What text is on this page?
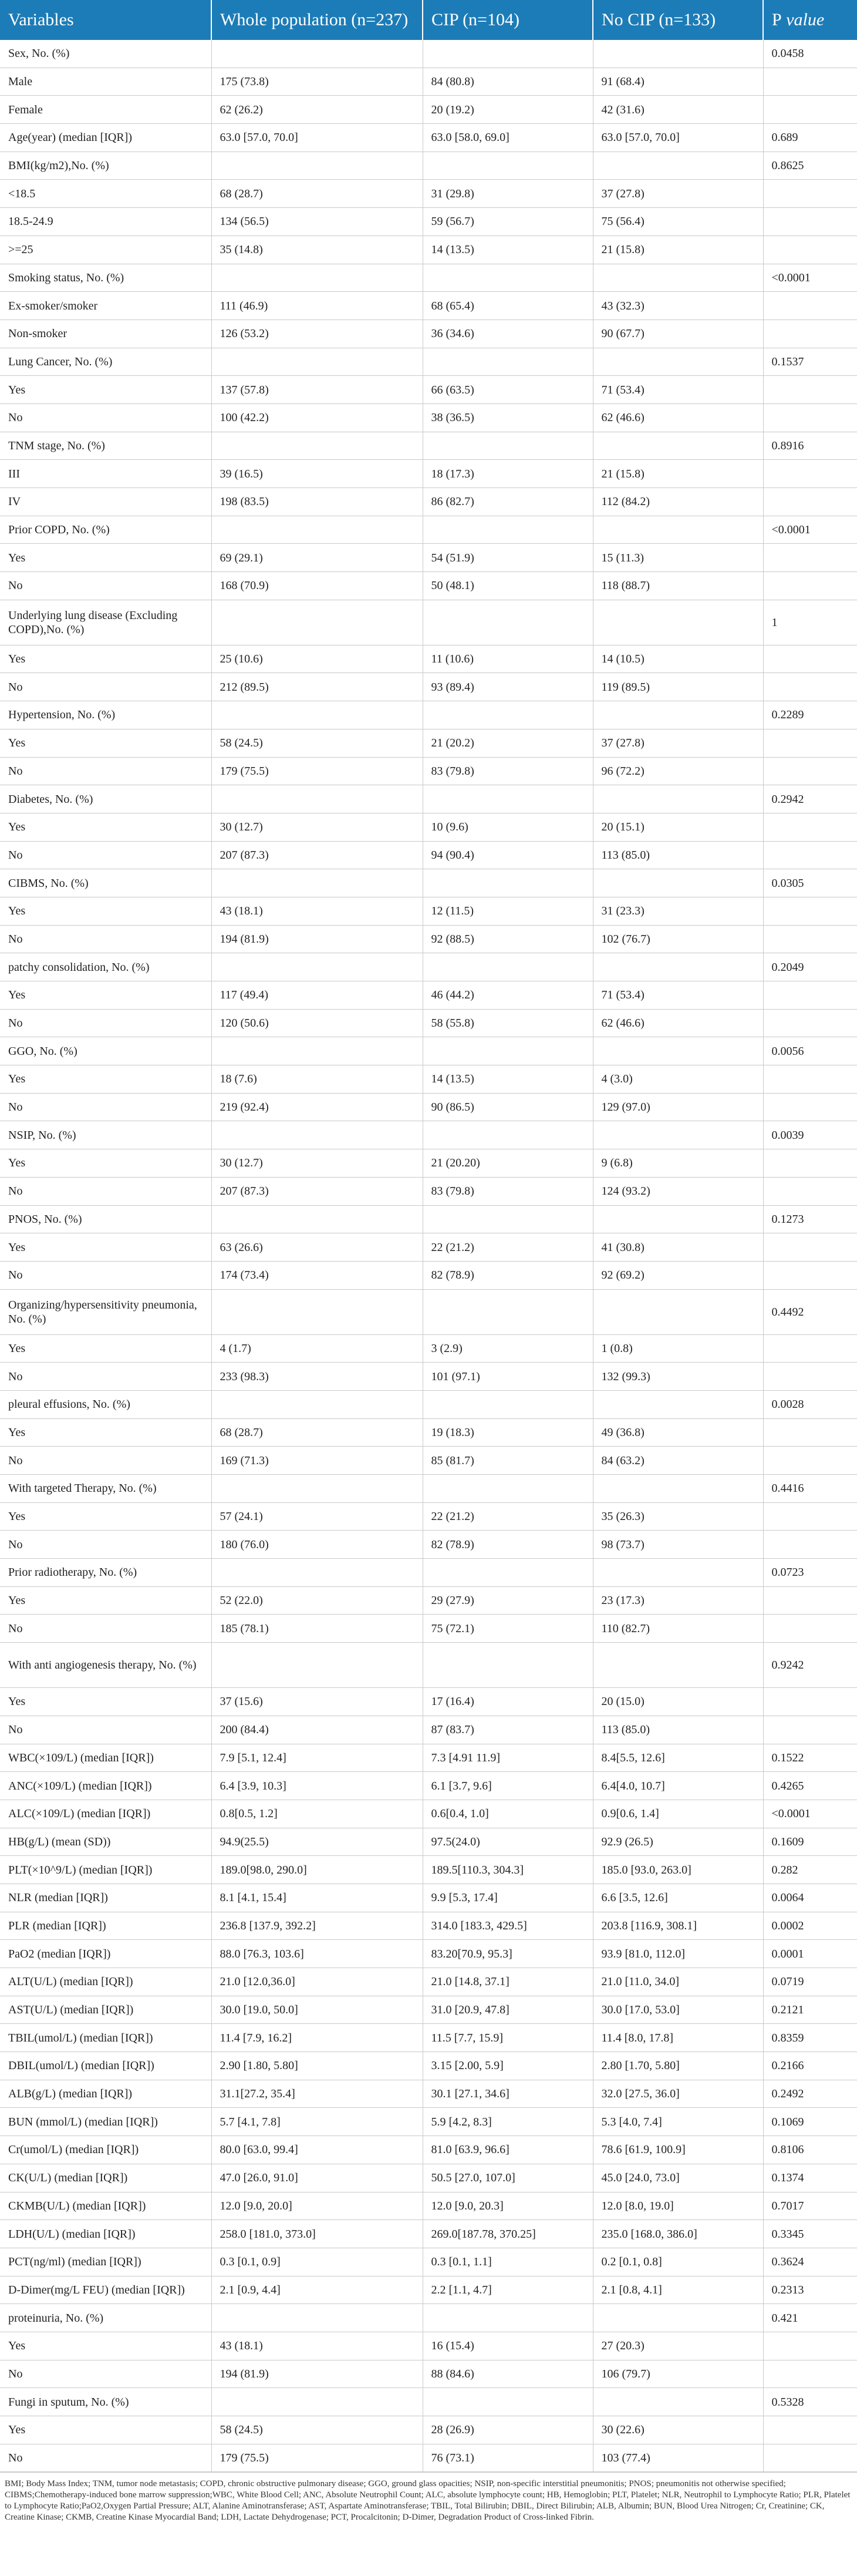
Variables	Whole population (n=237)	CIP (n=104)	No CIP (n=133)	P value
Sex, No. (%)				0.0458
Male	175 (73.8)	84 (80.8)	91 (68.4)	
Female	62 (26.2)	20 (19.2)	42 (31.6)	
Age(year) (median [IQR])	63.0 [57.0, 70.0]	63.0 [58.0, 69.0]	63.0 [57.0, 70.0]	0.689
BMI(kg/m2),No. (%)				0.8625
<18.5	68 (28.7)	31 (29.8)	37 (27.8)	
18.5-24.9	134 (56.5)	59 (56.7)	75 (56.4)	
>=25	35 (14.8)	14 (13.5)	21 (15.8)	
Smoking status, No. (%)				<0.0001
Ex-smoker/smoker	111 (46.9)	68 (65.4)	43 (32.3)	
Non-smoker	126 (53.2)	36 (34.6)	90 (67.7)	
Lung Cancer, No. (%)				0.1537
Yes	137 (57.8)	66 (63.5)	71 (53.4)	
No	100 (42.2)	38 (36.5)	62 (46.6)	
TNM stage, No. (%)				0.8916
III	39 (16.5)	18 (17.3)	21 (15.8)	
IV	198 (83.5)	86 (82.7)	112 (84.2)	
Prior COPD, No. (%)				<0.0001
Yes	69 (29.1)	54 (51.9)	15 (11.3)	
No	168 (70.9)	50 (48.1)	118 (88.7)	
Underlying lung disease (Excluding COPD),No. (%)				1
Yes	25 (10.6)	11 (10.6)	14 (10.5)	
No	212 (89.5)	93 (89.4)	119 (89.5)	
Hypertension, No. (%)				0.2289
Yes	58 (24.5)	21 (20.2)	37 (27.8)	
No	179 (75.5)	83 (79.8)	96 (72.2)	
Diabetes, No. (%)				0.2942
Yes	30 (12.7)	10 (9.6)	20 (15.1)	
No	207 (87.3)	94 (90.4)	113 (85.0)	
CIBMS, No. (%)				0.0305
Yes	43 (18.1)	12 (11.5)	31 (23.3)	
No	194 (81.9)	92 (88.5)	102 (76.7)	
patchy consolidation, No. (%)				0.2049
Yes	117 (49.4)	46 (44.2)	71 (53.4)	
No	120 (50.6)	58 (55.8)	62 (46.6)	
GGO, No. (%)				0.0056
Yes	18 (7.6)	14 (13.5)	4 (3.0)	
No	219 (92.4)	90 (86.5)	129 (97.0)	
NSIP, No. (%)				0.0039
Yes	30 (12.7)	21 (20.20)	9 (6.8)	
No	207 (87.3)	83 (79.8)	124 (93.2)	
PNOS, No. (%)				0.1273
Yes	63 (26.6)	22 (21.2)	41 (30.8)	
No	174 (73.4)	82 (78.9)	92 (69.2)	
Organizing/hypersensitivity pneumonia, No. (%)				0.4492
Yes	4 (1.7)	3 (2.9)	1 (0.8)	
No	233 (98.3)	101 (97.1)	132 (99.3)	
pleural effusions, No. (%)				0.0028
Yes	68 (28.7)	19 (18.3)	49 (36.8)	
No	169 (71.3)	85 (81.7)	84 (63.2)	
With targeted Therapy, No. (%)				0.4416
Yes	57 (24.1)	22 (21.2)	35 (26.3)	
No	180 (76.0)	82 (78.9)	98 (73.7)	
Prior radiotherapy, No. (%)				0.0723
Yes	52 (22.0)	29 (27.9)	23 (17.3)	
No	185 (78.1)	75 (72.1)	110 (82.7)	
With anti angiogenesis therapy, No. (%)				0.9242
Yes	37 (15.6)	17 (16.4)	20 (15.0)	
No	200 (84.4)	87 (83.7)	113 (85.0)	
WBC(×109/L) (median [IQR])	7.9 [5.1, 12.4]	7.3 [4.91 11.9]	8.4[5.5, 12.6]	0.1522
ANC(×109/L) (median [IQR])	6.4 [3.9, 10.3]	6.1 [3.7, 9.6]	6.4[4.0, 10.7]	0.4265
ALC(×109/L) (median [IQR])	0.8[0.5, 1.2]	0.6[0.4, 1.0]	0.9[0.6, 1.4]	<0.0001
HB(g/L) (mean (SD))	94.9(25.5)	97.5(24.0)	92.9 (26.5)	0.1609
PLT(×10^9/L) (median [IQR])	189.0[98.0, 290.0]	189.5[110.3, 304.3]	185.0 [93.0, 263.0]	0.282
NLR (median [IQR])	8.1 [4.1, 15.4]	9.9 [5.3, 17.4]	6.6 [3.5, 12.6]	0.0064
PLR (median [IQR])	236.8 [137.9, 392.2]	314.0 [183.3, 429.5]	203.8 [116.9, 308.1]	0.0002
PaO2 (median [IQR])	88.0 [76.3, 103.6]	83.20[70.9, 95.3]	93.9 [81.0, 112.0]	0.0001
ALT(U/L) (median [IQR])	21.0 [12.0,36.0]	21.0 [14.8, 37.1]	21.0 [11.0, 34.0]	0.0719
AST(U/L) (median [IQR])	30.0 [19.0, 50.0]	31.0 [20.9, 47.8]	30.0 [17.0, 53.0]	0.2121
TBIL(umol/L) (median [IQR])	11.4 [7.9, 16.2]	11.5 [7.7, 15.9]	11.4 [8.0, 17.8]	0.8359
DBIL(umol/L) (median [IQR])	2.90 [1.80, 5.80]	3.15 [2.00, 5.9]	2.80 [1.70, 5.80]	0.2166
ALB(g/L) (median [IQR])	31.1[27.2, 35.4]	30.1 [27.1, 34.6]	32.0 [27.5, 36.0]	0.2492
BUN (mmol/L) (median [IQR])	5.7 [4.1, 7.8]	5.9 [4.2, 8.3]	5.3 [4.0, 7.4]	0.1069
Cr(umol/L) (median [IQR])	80.0 [63.0, 99.4]	81.0 [63.9, 96.6]	78.6 [61.9, 100.9]	0.8106
CK(U/L) (median [IQR])	47.0 [26.0, 91.0]	50.5 [27.0, 107.0]	45.0 [24.0, 73.0]	0.1374
CKMB(U/L) (median [IQR])	12.0 [9.0, 20.0]	12.0 [9.0, 20.3]	12.0 [8.0, 19.0]	0.7017
LDH(U/L) (median [IQR])	258.0 [181.0, 373.0]	269.0[187.78, 370.25]	235.0 [168.0, 386.0]	0.3345
PCT(ng/ml) (median [IQR])	0.3 [0.1, 0.9]	0.3 [0.1, 1.1]	0.2 [0.1, 0.8]	0.3624
D-Dimer(mg/L FEU) (median [IQR])	2.1 [0.9, 4.4]	2.2 [1.1, 4.7]	2.1 [0.8, 4.1]	0.2313
proteinuria, No. (%)				0.421
Yes	43 (18.1)	16 (15.4)	27 (20.3)	
No	194 (81.9)	88 (84.6)	106 (79.7)	
Fungi in sputum, No. (%)				0.5328
Yes	58 (24.5)	28 (26.9)	30 (22.6)	
No	179 (75.5)	76 (73.1)	103 (77.4)	
BMI; Body Mass Index; TNM, tumor node metastasis; COPD, chronic obstructive pulmonary disease; GGO, ground glass opacities; NSIP, non-specific interstitial pneumonitis; PNOS; pneumonitis not otherwise specified; CIBMS;Chemotherapy-induced bone marrow suppression;WBC, White Blood Cell; ANC, Absolute Neutrophil Count; ALC, absolute lymphocyte count; HB, Hemoglobin; PLT, Platelet; NLR, Neutrophil to Lymphocyte Ratio; PLR, Platelet to Lymphocyte Ratio;PaO2,Oxygen Partial Pressure; ALT, Alanine Aminotransferase; AST, Aspartate Aminotransferase; TBIL, Total Bilirubin; DBIL, Direct Bilirubin; ALB, Albumin; BUN, Blood Urea Nitrogen; Cr, Creatinine; CK, Creatine Kinase; CKMB, Creatine Kinase Myocardial Band; LDH, Lactate Dehydrogenase; PCT, Procalcitonin; D-Dimer, Degradation Product of Cross-linked Fibrin.
